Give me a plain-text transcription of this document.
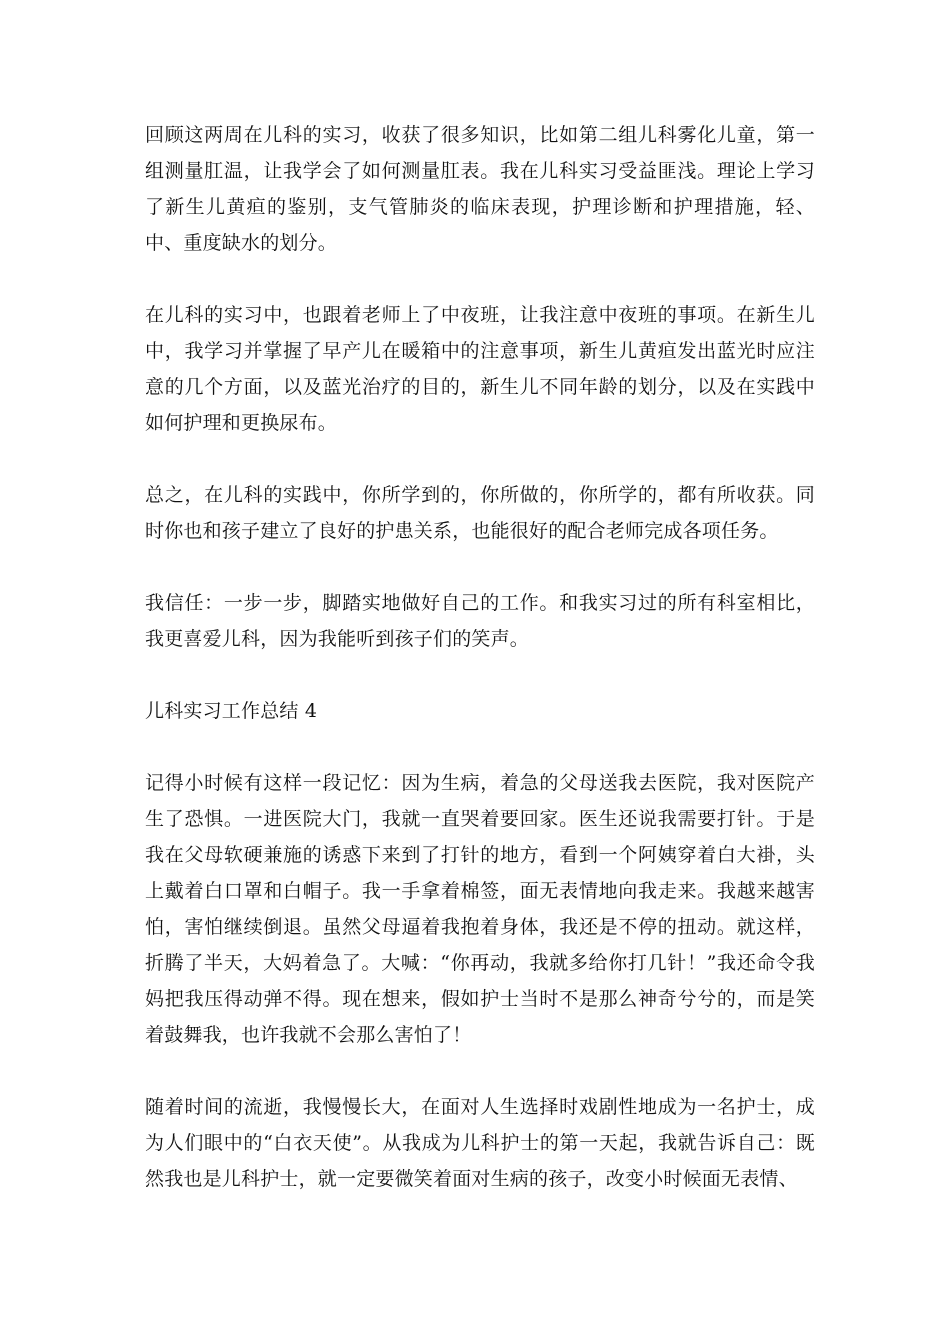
回顾这两周在儿科的实习，收获了很多知识，比如第二组儿科雾化儿童，第一组测量肛温，让我学会了如何测量肛表。我在儿科实习受益匪浅。理论上学习了新生儿黄疸的鉴别，支气管肺炎的临床表现，护理诊断和护理措施，轻、中、重度缺水的划分。

在儿科的实习中，也跟着老师上了中夜班，让我注意中夜班的事项。在新生儿中，我学习并掌握了早产儿在暖箱中的注意事项，新生儿黄疸发出蓝光时应注意的几个方面，以及蓝光治疗的目的，新生儿不同年龄的划分，以及在实践中如何护理和更换尿布。

总之，在儿科的实践中，你所学到的，你所做的，你所学的，都有所收获。同时你也和孩子建立了良好的护患关系，也能很好的配合老师完成各项任务。

我信任：一步一步，脚踏实地做好自己的工作。和我实习过的所有科室相比，我更喜爱儿科，因为我能听到孩子们的笑声。

儿科实习工作总结 4

记得小时候有这样一段记忆：因为生病，着急的父母送我去医院，我对医院产生了恐惧。一进医院大门，我就一直哭着要回家。医生还说我需要打针。于是我在父母软硬兼施的诱惑下来到了打针的地方，看到一个阿姨穿着白大褂，头上戴着白口罩和白帽子。我一手拿着棉签，面无表情地向我走来。我越来越害怕，害怕继续倒退。虽然父母逼着我抱着身体，我还是不停的扭动。就这样，折腾了半天，大妈着急了。大喊：“你再动，我就多给你打几针！”我还命令我妈把我压得动弹不得。现在想来，假如护士当时不是那么神奇兮兮的，而是笑着鼓舞我，也许我就不会那么害怕了！

随着时间的流逝，我慢慢长大，在面对人生选择时戏剧性地成为一名护士，成为人们眼中的“白衣天使”。从我成为儿科护士的第一天起，我就告诉自己：既然我也是儿科护士，就一定要微笑着面对生病的孩子，改变小时候面无表情、
